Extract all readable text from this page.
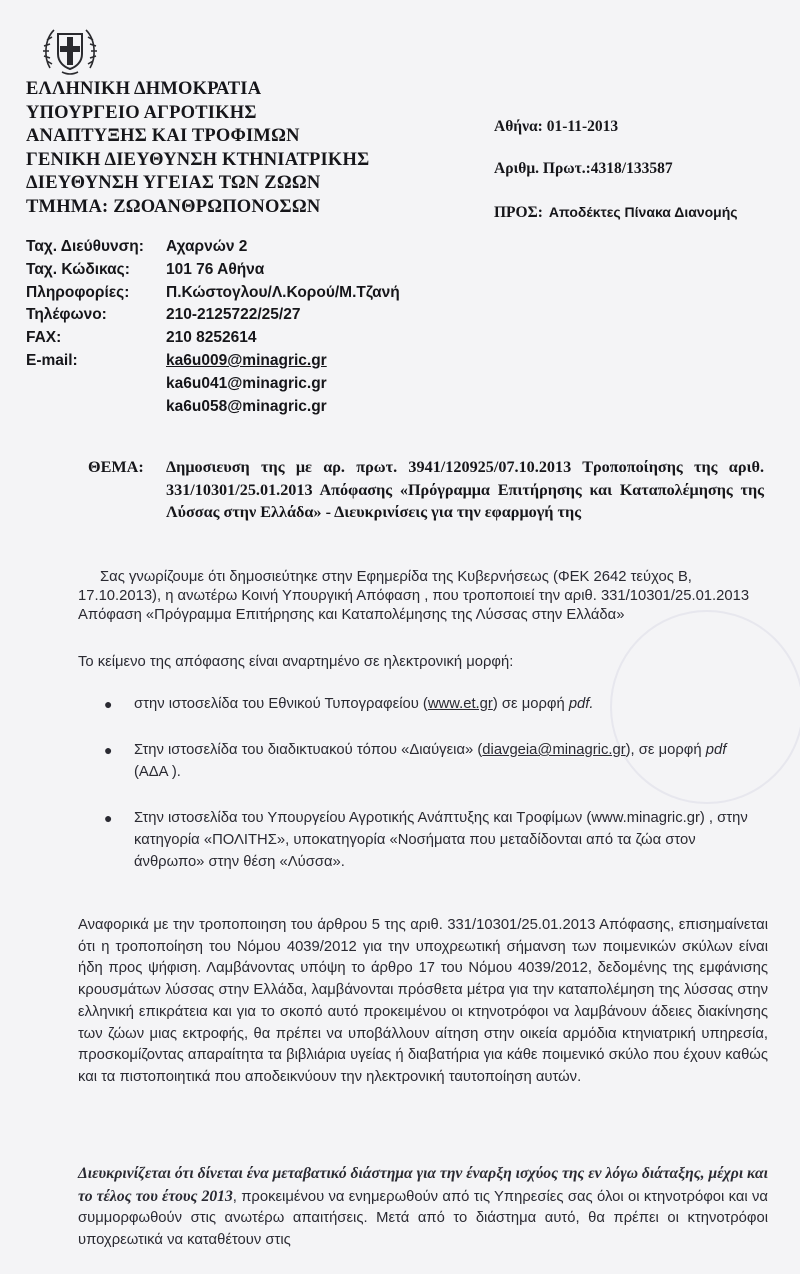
ΕΛΛΗΝΙΚΗ ΔΗΜΟΚΡΑΤΙΑ
ΥΠΟΥΡΓΕΙΟ ΑΓΡΟΤΙΚΗΣ
ΑΝΑΠΤΥΞΗΣ ΚΑΙ ΤΡΟΦΙΜΩΝ
ΓΕΝΙΚΗ ΔΙΕΥΘΥΝΣΗ ΚΤΗΝΙΑΤΡΙΚΗΣ
ΔΙΕΥΘΥΝΣΗ ΥΓΕΙΑΣ ΤΩΝ ΖΩΩΝ
ΤΜΗΜΑ: ΖΩΟΑΝΘΡΩΠΟΝΟΣΩΝ
Αθήνα: 01-11-2013
Αριθμ. Πρωτ.:4318/133587
ΠΡΟΣ: Αποδέκτες Πίνακα Διανομής
Ταχ. Διεύθυνση:	Αχαρνών 2
Ταχ. Κώδικας:	101 76 Αθήνα
Πληροφορίες:	Π.Κώστογλου/Λ.Κορού/Μ.Τζανή
Τηλέφωνο:	210-2125722/25/27
FAX:	210 8252614
E-mail:	ka6u009@minagric.gr
ka6u041@minagric.gr
ka6u058@minagric.gr
ΘΕΜΑ: Δημοσιευση της με αρ. πρωτ. 3941/120925/07.10.2013 Τροποποίησης της αριθ. 331/10301/25.01.2013 Απόφασης «Πρόγραμμα Επιτήρησης και Καταπολέμησης της Λύσσας στην Ελλάδα» - Διευκρινίσεις για την εφαρμογή της
Σας γνωρίζουμε ότι δημοσιεύτηκε στην Εφημερίδα της Κυβερνήσεως (ΦΕΚ 2642 τεύχος Β, 17.10.2013), η ανωτέρω Κοινή Υπουργική Απόφαση , που τροποποιεί την αριθ. 331/10301/25.01.2013 Απόφαση «Πρόγραμμα Επιτήρησης και Καταπολέμησης της Λύσσας στην Ελλάδα»
Το κείμενο της απόφασης είναι αναρτημένο σε ηλεκτρονική μορφή:
● στην ιστοσελίδα του Εθνικού Τυπογραφείου (www.et.gr) σε μορφή pdf.
● Στην ιστοσελίδα του διαδικτυακού τόπου «Διαύγεια» (diavgeia@minagric.gr), σε μορφή pdf (ΑΔΑ ).
● Στην ιστοσελίδα του Υπουργείου Αγροτικής Ανάπτυξης και Τροφίμων (www.minagric.gr) , στην κατηγορία «ΠΟΛΙΤΗΣ», υποκατηγορία «Νοσήματα που μεταδίδονται από τα ζώα στον άνθρωπο» στην θέση «Λύσσα».
Αναφορικά με την τροποποιηση του άρθρου 5 της αριθ. 331/10301/25.01.2013 Απόφασης, επισημαίνεται ότι η τροποποίηση του Νόμου 4039/2012 για την υποχρεωτική σήμανση των ποιμενικών σκύλων είναι ήδη προς ψήφιση. Λαμβάνοντας υπόψη το άρθρο 17 του Νόμου 4039/2012, δεδομένης της εμφάνισης κρουσμάτων λύσσας στην Ελλάδα, λαμβάνονται πρόσθετα μέτρα για την καταπολέμηση της λύσσας στην ελληνική επικράτεια και για το σκοπό αυτό προκειμένου οι κτηνοτρόφοι να λαμβάνουν άδειες διακίνησης των ζώων μιας εκτροφής, θα πρέπει να υποβάλλουν αίτηση στην οικεία αρμόδια κτηνιατρική υπηρεσία, προσκομίζοντας απαραίτητα τα βιβλιάρια υγείας ή διαβατήρια για κάθε ποιμενικό σκύλο που έχουν καθώς και τα πιστοποιητικά που αποδεικνύουν την ηλεκτρονική ταυτοποίηση αυτών.
Διευκρινίζεται ότι δίνεται ένα μεταβατικό διάστημα για την έναρξη ισχύος της εν λόγω διάταξης, μέχρι και το τέλος του έτους 2013, προκειμένου να ενημερωθούν από τις Υπηρεσίες σας όλοι οι κτηνοτρόφοι και να συμμορφωθούν στις ανωτέρω απαιτήσεις. Μετά από το διάστημα αυτό, θα πρέπει οι κτηνοτρόφοι υποχρεωτικά να καταθέτουν στις
